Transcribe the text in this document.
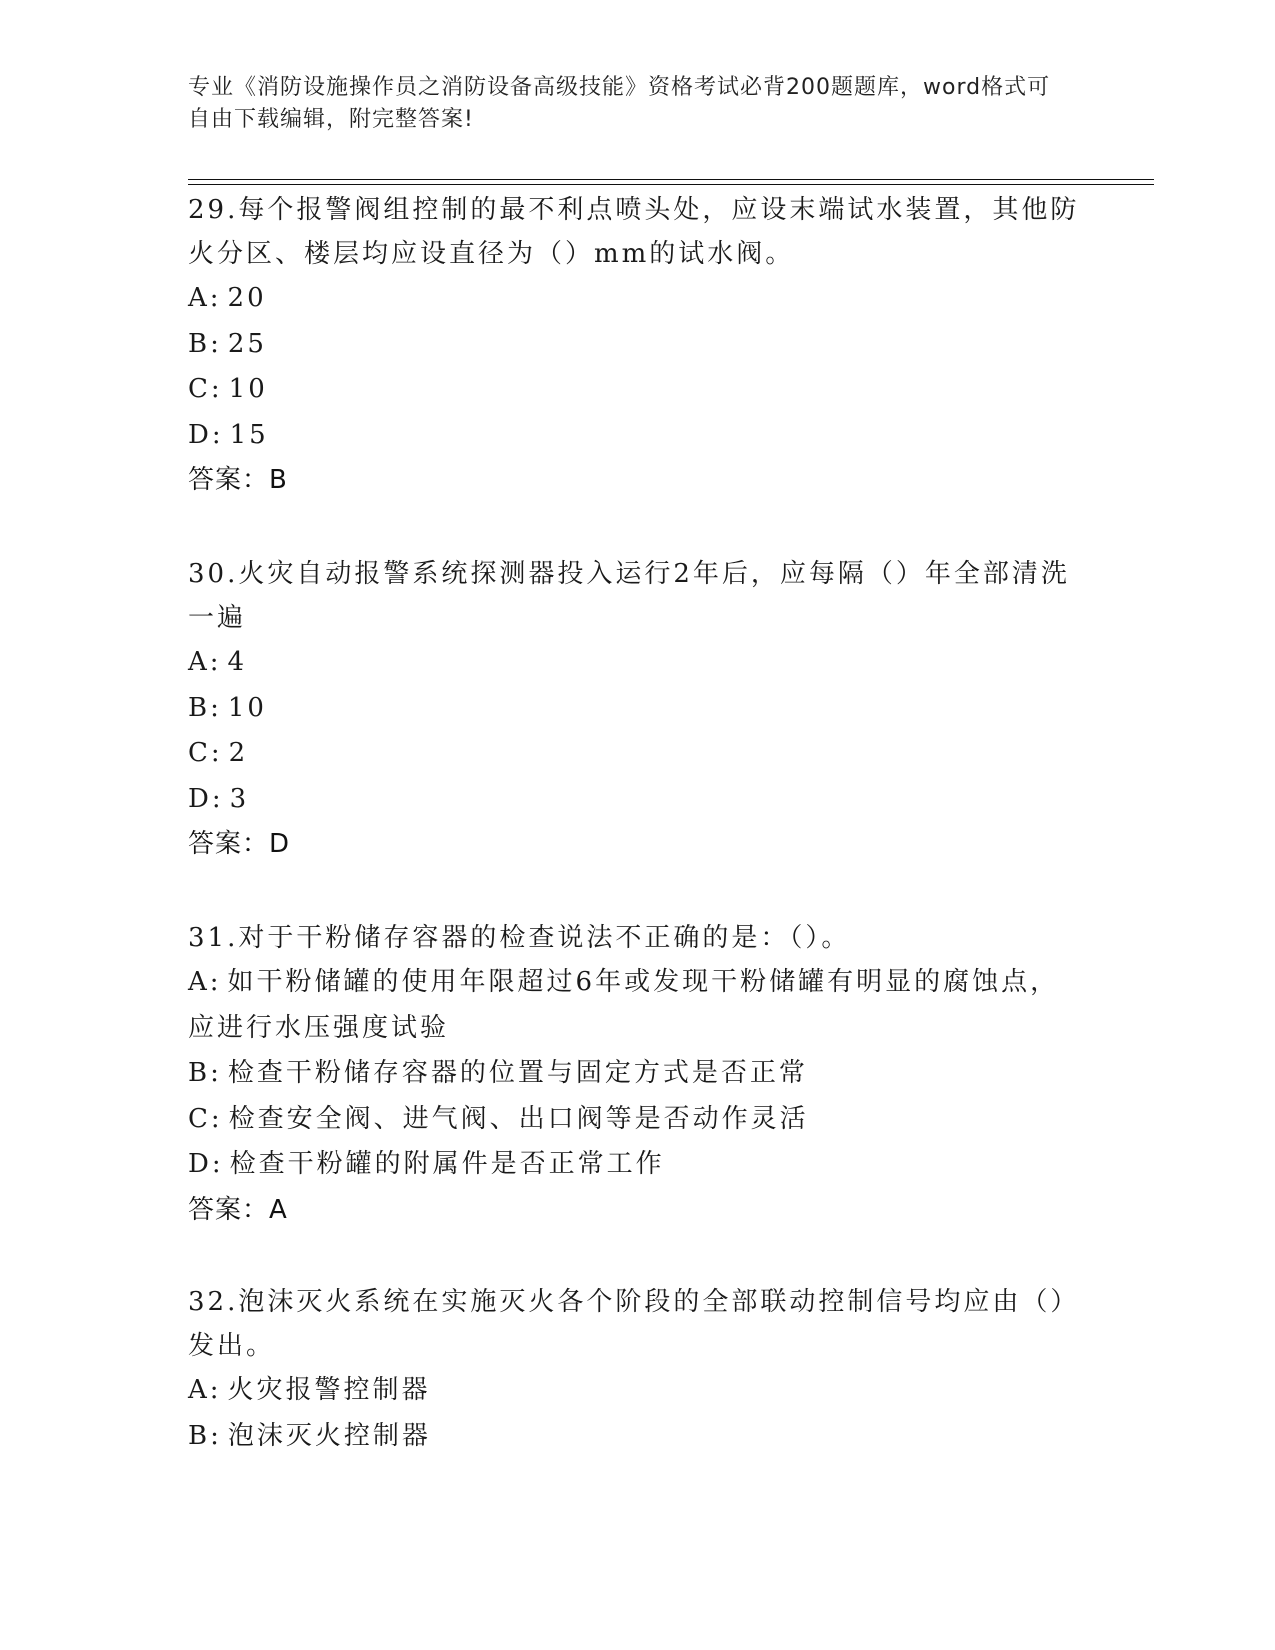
专业《消防设施操作员之消防设备高级技能》资格考试必背200题题库，word格式可自由下载编辑，附完整答案!

29.每个报警阀组控制的最不利点喷头处，应设末端试水装置，其他防火分区、楼层均应设直径为（）mm的试水阀。

A: 20
B: 25
C: 10
D: 15
答案：B

30.火灾自动报警系统探测器投入运行2年后，应每隔（）年全部清洗一遍

A: 4
B: 10
C: 2
D: 3
答案：D

31.对于干粉储存容器的检查说法不正确的是：（）。

A: 如干粉储罐的使用年限超过6年或发现干粉储罐有明显的腐蚀点，应进行水压强度试验
B: 检查干粉储存容器的位置与固定方式是否正常
C: 检查安全阀、进气阀、出口阀等是否动作灵活
D: 检查干粉罐的附属件是否正常工作
答案：A

32.泡沫灭火系统在实施灭火各个阶段的全部联动控制信号均应由（）发出。

A: 火灾报警控制器
B: 泡沫灭火控制器
